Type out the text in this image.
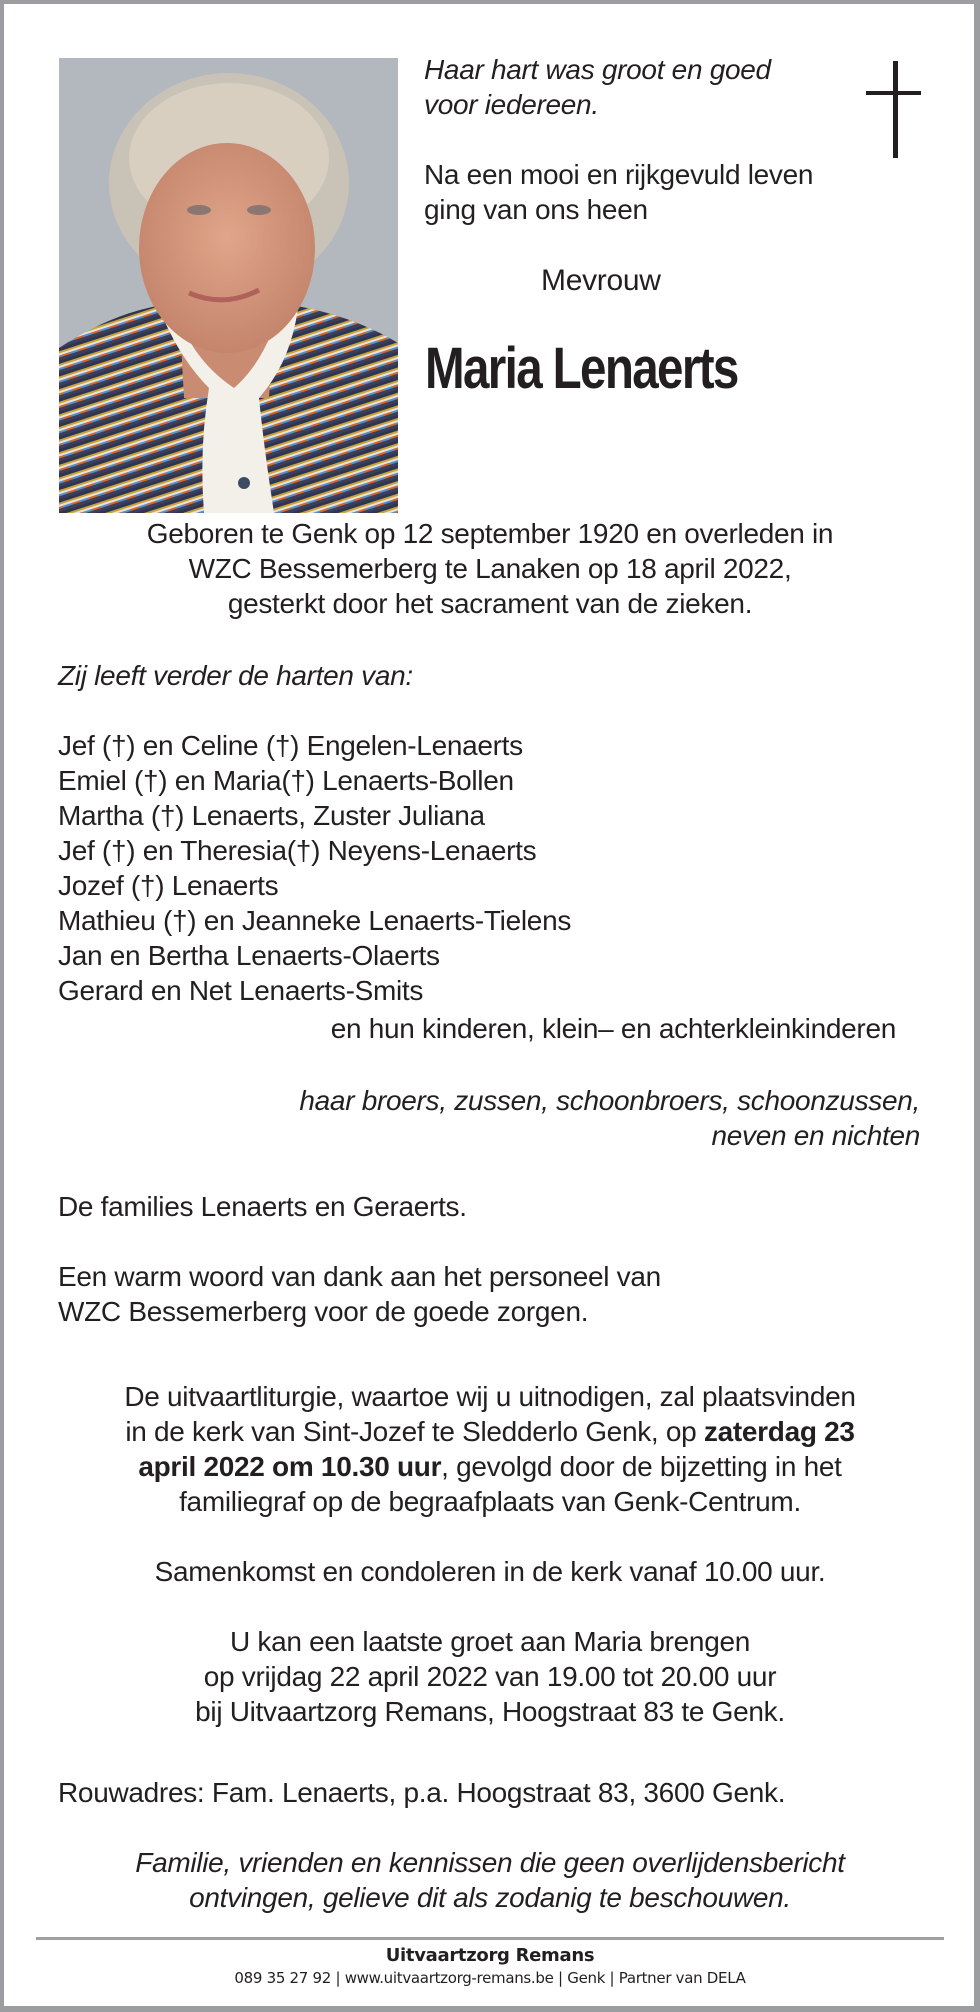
Haar hart was groot en goed
voor iedereen.
Na een mooi en rijkgevuld leven
ging van ons heen
Mevrouw
Maria Lenaerts
Geboren te Genk op 12 september 1920 en overleden in
WZC Bessemerberg te Lanaken op 18 april 2022,
gesterkt door het sacrament van de zieken.
Zij leeft verder de harten van:
Jef (†) en Celine (†) Engelen-Lenaerts
Emiel (†) en Maria(†) Lenaerts-Bollen
Martha (†) Lenaerts, Zuster Juliana
Jef (†) en Theresia(†) Neyens-Lenaerts
Jozef (†) Lenaerts
Mathieu (†) en Jeanneke Lenaerts-Tielens
Jan en Bertha Lenaerts-Olaerts
Gerard en Net Lenaerts-Smits
en hun kinderen, klein– en achterkleinkinderen
haar broers, zussen, schoonbroers, schoonzussen,
neven en nichten
De families Lenaerts en Geraerts.
Een warm woord van dank aan het personeel van
WZC Bessemerberg voor de goede zorgen.
De uitvaartliturgie, waartoe wij u uitnodigen, zal plaatsvinden
in de kerk van Sint-Jozef te Sledderlo Genk, op zaterdag 23
april 2022 om 10.30 uur, gevolgd door de bijzetting in het
familiegraf op de begraafplaats van Genk-Centrum.
Samenkomst en condoleren in de kerk vanaf 10.00 uur.
U kan een laatste groet aan Maria brengen
op vrijdag 22 april 2022 van 19.00 tot 20.00 uur
bij Uitvaartzorg Remans, Hoogstraat 83 te Genk.
Rouwadres: Fam. Lenaerts, p.a. Hoogstraat 83, 3600 Genk.
Familie, vrienden en kennissen die geen overlijdensbericht
ontvingen, gelieve dit als zodanig te beschouwen.
Uitvaartzorg Remans
089 35 27 92 | www.uitvaartzorg-remans.be | Genk | Partner van DELA
